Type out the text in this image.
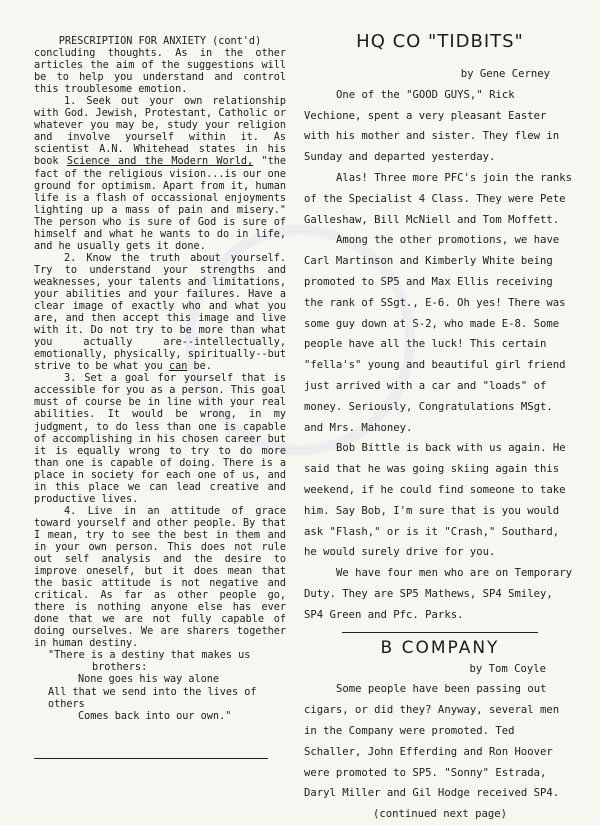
PRESCRIPTION FOR ANXIETY (cont'd)

concluding thoughts. As in the other articles the aim of the suggestions will be to help you understand and control this troublesome emotion.

1. Seek out your own relationship with God. Jewish, Protestant, Catholic or whatever you may be, study your religion and involve yourself within it. As scientist A.N. Whitehead states in his book Science and the Modern World, "the fact of the religious vision...is our one ground for optimism. Apart from it, human life is a flash of occassional enjoyments lighting up a mass of pain and misery." The person who is sure of God is sure of himself and what he wants to do in life, and he usually gets it done.

2. Know the truth about yourself. Try to understand your strengths and weaknesses, your talents and limitations, your abilities and your failures. Have a clear image of exactly who and what you are, and then accept this image and live with it. Do not try to be more than what you actually are--intellectually, emotionally, physically, spiritually--but strive to be what you can be.

3. Set a goal for yourself that is accessible for you as a person. This goal must of course be in line with your real abilities. It would be wrong, in my judgment, to do less than one is capable of accomplishing in his chosen career but it is equally wrong to try to do more than one is capable of doing. There is a place in society for each one of us, and in this place we can lead creative and productive lives.

4. Live in an attitude of grace toward yourself and other people. By that I mean, try to see the best in them and in your own person. This does not rule out self analysis and the desire to improve oneself, but it does mean that the basic attitude is not negative and critical. As far as other people go, there is nothing anyone else has ever done that we are not fully capable of doing ourselves. We are sharers together in human destiny.

"There is a destiny that makes us
brothers:
None goes his way alone
All that we send into the lives of
others
Comes back into our own."
HQ CO "TIDBITS"

by Gene Cerney

One of the "GOOD GUYS," Rick Vechione, spent a very pleasant Easter with his mother and sister. They flew in Sunday and departed yesterday.

Alas! Three more PFC's join the ranks of the Specialist 4 Class. They were Pete Galleshaw, Bill McNiell and Tom Moffett.

Among the other promotions, we have Carl Martinson and Kimberly White being promoted to SP5 and Max Ellis receiving the rank of SSgt., E-6. Oh yes! There was some guy down at S-2, who made E-8. Some people have all the luck! This certain "fella's" young and beautiful girl friend just arrived with a car and "loads" of money. Seriously, Congratulations MSgt. and Mrs. Mahoney.

Bob Bittle is back with us again. He said that he was going skiing again this weekend, if he could find someone to take him. Say Bob, I'm sure that is you would ask "Flash," or is it "Crash," Southard, he would surely drive for you.

We have four men who are on Temporary Duty. They are SP5 Mathews, SP4 Smiley, SP4 Green and Pfc. Parks.

B COMPANY

by Tom Coyle

Some people have been passing out cigars, or did they? Anyway, several men in the Company were promoted. Ted Schaller, John Efferding and Ron Hoover were promoted to SP5. "Sonny" Estrada, Daryl Miller and Gil Hodge received SP4.

(continued next page)
